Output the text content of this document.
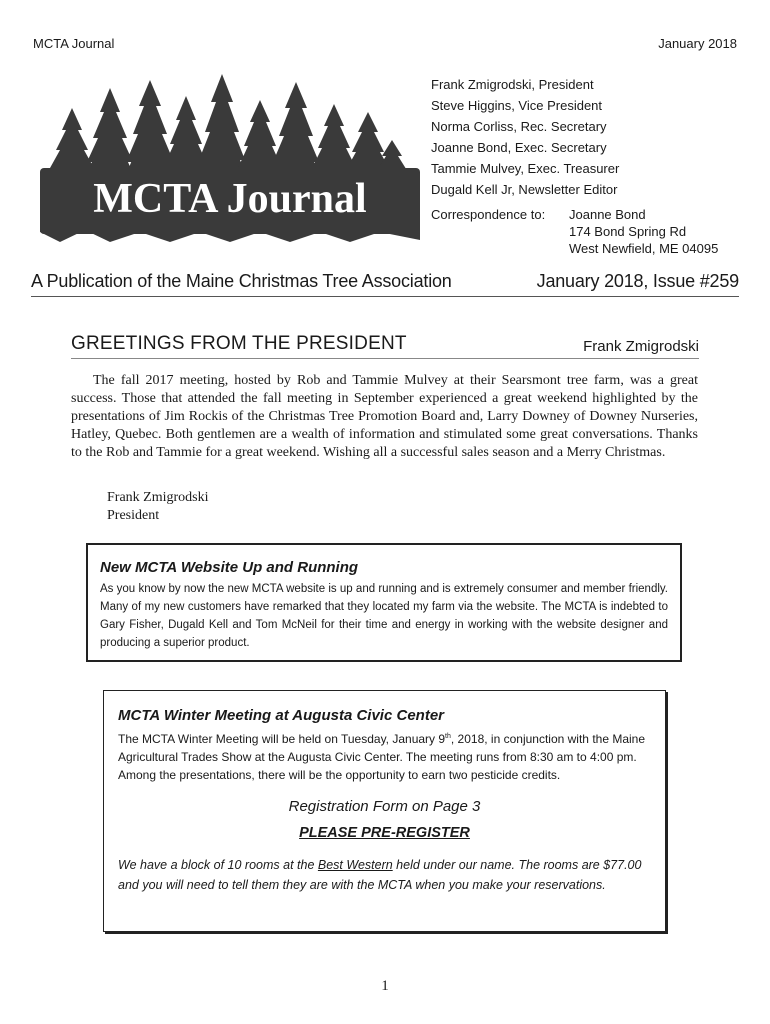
MCTA Journal	January 2018
MCTA Journal
Frank Zmigrodski, President
Steve Higgins, Vice President
Norma Corliss, Rec. Secretary
Joanne Bond, Exec. Secretary
Tammie Mulvey, Exec. Treasurer
Dugald Kell Jr, Newsletter Editor
Correspondence to: Joanne Bond
174 Bond Spring Rd
West Newfield, ME 04095
A Publication of the Maine Christmas Tree Association	January 2018, Issue #259
GREETINGS FROM THE PRESIDENT	Frank Zmigrodski
The fall 2017 meeting, hosted by Rob and Tammie Mulvey at their Searsmont tree farm, was a great success. Those that attended the fall meeting in September experienced a great weekend highlighted by the presentations of Jim Rockis of the Christmas Tree Promotion Board and, Larry Downey of Downey Nurseries, Hatley, Quebec. Both gentlemen are a wealth of information and stimulated some great conversations. Thanks to the Rob and Tammie for a great weekend. Wishing all a successful sales season and a Merry Christmas.
Frank Zmigrodski
President
New MCTA Website Up and Running

As you know by now the new MCTA website is up and running and is extremely consumer and member friendly. Many of my new customers have remarked that they located my farm via the website. The MCTA is indebted to Gary Fisher, Dugald Kell and Tom McNeil for their time and energy in working with the website designer and producing a superior product.

MCTA Winter Meeting at Augusta Civic Center

The MCTA Winter Meeting will be held on Tuesday, January 9th, 2018, in conjunction with the Maine Agricultural Trades Show at the Augusta Civic Center. The meeting runs from 8:30 am to 4:00 pm. Among the presentations, there will be the opportunity to earn two pesticide credits.

Registration Form on Page 3
PLEASE PRE-REGISTER

We have a block of 10 rooms at the Best Western held under our name. The rooms are $77.00 and you will need to tell them they are with the MCTA when you make your reservations.

1
